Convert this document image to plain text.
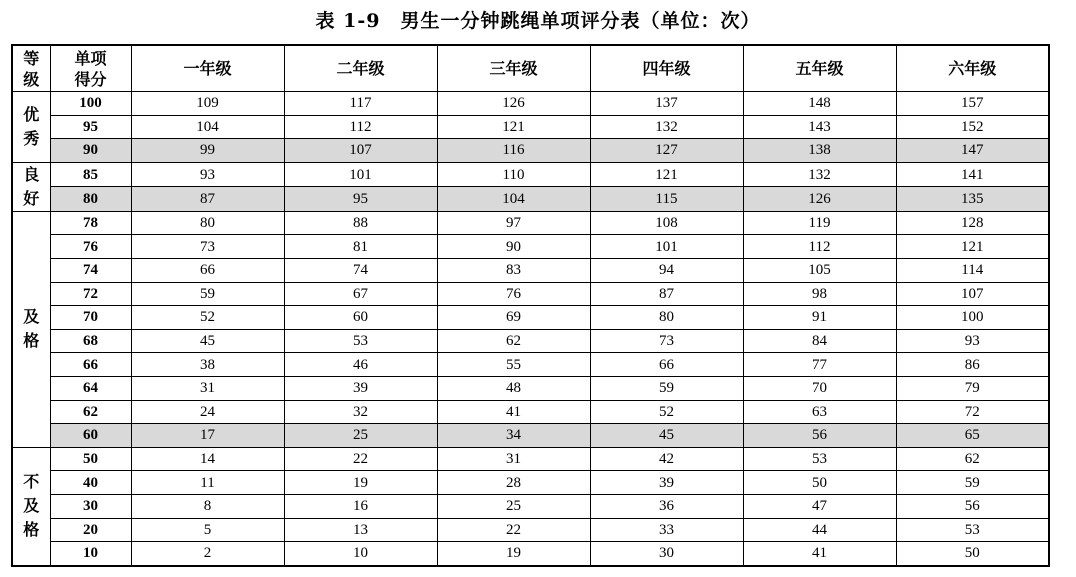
表 1-9　男生一分钟跳绳单项评分表（单位：次）
等级	单项得分	一年级	二年级	三年级	四年级	五年级	六年级
优秀	100	109	117	126	137	148	157
	95	104	112	121	132	143	152
	90	99	107	116	127	138	147
良好	85	93	101	110	121	132	141
	80	87	95	104	115	126	135
及格	78	80	88	97	108	119	128
	76	73	81	90	101	112	121
	74	66	74	83	94	105	114
	72	59	67	76	87	98	107
	70	52	60	69	80	91	100
	68	45	53	62	73	84	93
	66	38	46	55	66	77	86
	64	31	39	48	59	70	79
	62	24	32	41	52	63	72
	60	17	25	34	45	56	65
不及格	50	14	22	31	42	53	62
	40	11	19	28	39	50	59
	30	8	16	25	36	47	56
	20	5	13	22	33	44	53
	10	2	10	19	30	41	50
